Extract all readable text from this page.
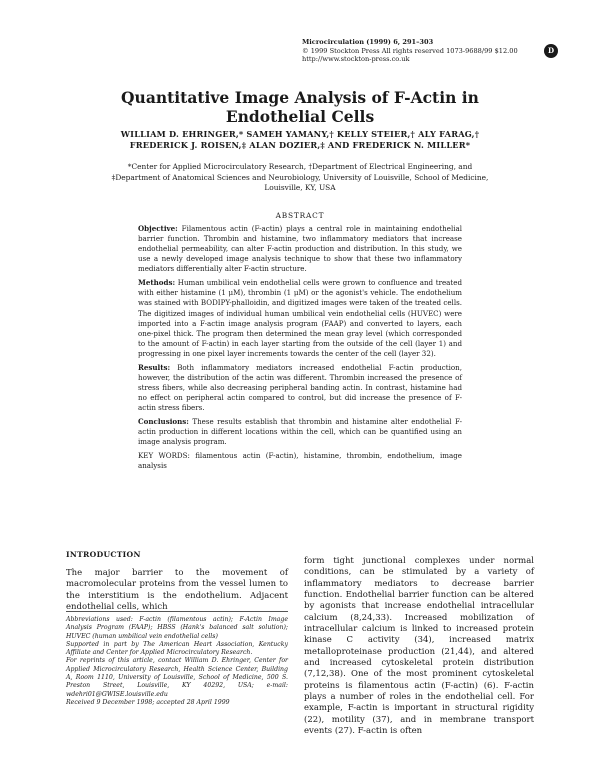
Microcirculation (1999) 6, 291–303
© 1999 Stockton Press All rights reserved 1073-9688/99 $12.00
http://www.stockton-press.co.uk
D
Quantitative Image Analysis of F-Actin in Endothelial Cells
WILLIAM D. EHRINGER,* SAMEH YAMANY,† KELLY STEIER,† ALY FARAG,† FREDERICK J. ROISEN,‡ ALAN DOZIER,‡ AND FREDERICK N. MILLER*
*Center for Applied Microcirculatory Research, †Department of Electrical Engineering, and ‡Department of Anatomical Sciences and Neurobiology, University of Louisville, School of Medicine, Louisville, KY, USA
ABSTRACT

Objective: Filamentous actin (F-actin) plays a central role in maintaining endothelial barrier function. Thrombin and histamine, two inflammatory mediators that increase endothelial permeability, can alter F-actin production and distribution. In this study, we use a newly developed image analysis technique to show that these two inflammatory mediators differentially alter F-actin structure.

Methods: Human umbilical vein endothelial cells were grown to confluence and treated with either histamine (1 μM), thrombin (1 μM) or the agonist's vehicle. The endothelium was stained with BODIPY-phalloidin, and digitized images were taken of the treated cells. The digitized images of individual human umbilical vein endothelial cells (HUVEC) were imported into a F-actin image analysis program (FAAP) and converted to layers, each one-pixel thick. The program then determined the mean gray level (which corresponded to the amount of F-actin) in each layer starting from the outside of the cell (layer 1) and progressing in one pixel layer increments towards the center of the cell (layer 32).

Results: Both inflammatory mediators increased endothelial F-actin production, however, the distribution of the actin was different. Thrombin increased the presence of stress fibers, while also decreasing peripheral banding actin. In contrast, histamine had no effect on peripheral actin compared to control, but did increase the presence of F-actin stress fibers.

Conclusions: These results establish that thrombin and histamine alter endothelial F-actin production in different locations within the cell, which can be quantified using an image analysis program.

KEY WORDS: filamentous actin (F-actin), histamine, thrombin, endothelium, image analysis

INTRODUCTION

The major barrier to the movement of macromolecular proteins from the vessel lumen to the interstitium is the endothelium. Adjacent endothelial cells, which

Abbreviations used: F-actin (filamentous actin); F-Actin Image Analysis Program (FAAP); HBSS (Hank's balanced salt solution); HUVEC (human umbilical vein endothelial cells)

Supported in part by The American Heart Association, Kentucky Affiliate and Center for Applied Microcirculatory Research.

For reprints of this article, contact William D. Ehringer, Center for Applied Microcirculatory Research, Health Science Center, Building A, Room 1110, University of Louisville, School of Medicine, 500 S. Preston Street, Louisville, KY 40292, USA; e-mail: wdehri01@GWISE.louisville.edu

Received 9 December 1998; accepted 28 April 1999

form tight junctional complexes under normal conditions, can be stimulated by a variety of inflammatory mediators to decrease barrier function. Endothelial barrier function can be altered by agonists that increase endothelial intracellular calcium (8,24,33). Increased mobilization of intracellular calcium is linked to increased protein kinase C activity (34), increased matrix metalloproteinase production (21,44), and altered and increased cytoskeletal protein distribution (7,12,38). One of the most prominent cytoskeletal proteins is filamentous actin (F-actin) (6). F-actin plays a number of roles in the endothelial cell. For example, F-actin is important in structural rigidity (22), motility (37), and in membrane transport events (27). F-actin is often
